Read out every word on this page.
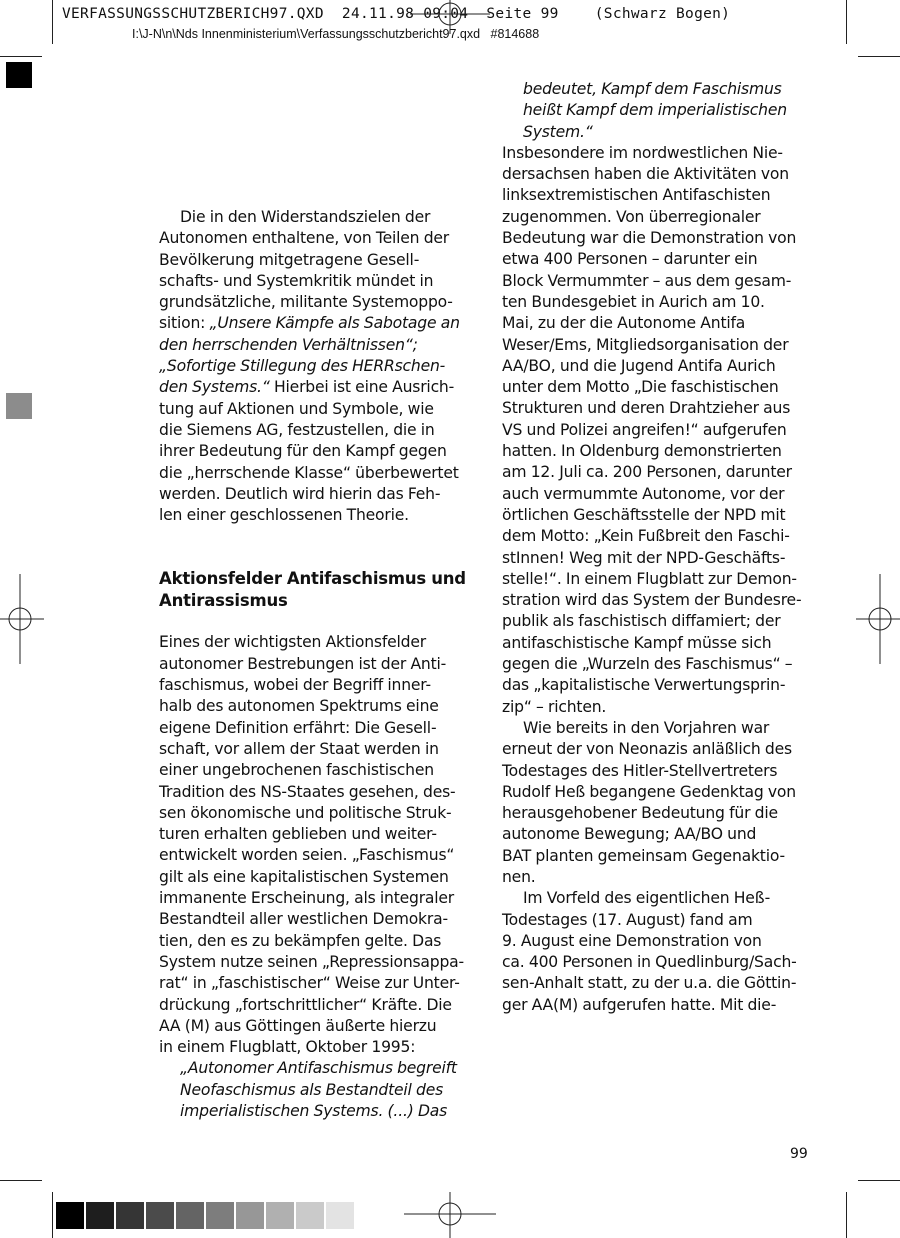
VERFASSUNGSSCHUTZBERICH97.QXD  24.11.98 09:04  Seite 99    (Schwarz Bogen)
I:\J-N\n\Nds Innenministerium\Verfassungsschutzbericht97.qxd   #814688

Die in den Widerstandszielen der
Autonomen enthaltene, von Teilen der
Bevölkerung mitgetragene Gesell-
schafts- und Systemkritik mündet in
grundsätzliche, militante Systemoppo-
sition: „Unsere Kämpfe als Sabotage an
den herrschenden Verhältnissen“;
„Sofortige Stillegung des HERRschen-
den Systems.“ Hierbei ist eine Ausrich-
tung auf Aktionen und Symbole, wie
die Siemens AG, festzustellen, die in
ihrer Bedeutung für den Kampf gegen
die „herrschende Klasse“ überbewertet
werden. Deutlich wird hierin das Feh-
len einer geschlossenen Theorie.

Aktionsfelder Antifaschismus und
Antirassismus

Eines der wichtigsten Aktionsfelder
autonomer Bestrebungen ist der Anti-
faschismus, wobei der Begriff inner-
halb des autonomen Spektrums eine
eigene Definition erfährt: Die Gesell-
schaft, vor allem der Staat werden in
einer ungebrochenen faschistischen
Tradition des NS-Staates gesehen, des-
sen ökonomische und politische Struk-
turen erhalten geblieben und weiter-
entwickelt worden seien. „Faschismus“
gilt als eine kapitalistischen Systemen
immanente Erscheinung, als integraler
Bestandteil aller westlichen Demokra-
tien, den es zu bekämpfen gelte. Das
System nutze seinen „Repressionsappa-
rat“ in „faschistischer“ Weise zur Unter-
drückung „fortschrittlicher“ Kräfte. Die
AA (M) aus Göttingen äußerte hierzu
in einem Flugblatt, Oktober 1995:

„Autonomer Antifaschismus begreift
Neofaschismus als Bestandteil des
imperialistischen Systems. (...) Das

bedeutet, Kampf dem Faschismus
heißt Kampf dem imperialistischen
System.“

Insbesondere im nordwestlichen Nie-
dersachsen haben die Aktivitäten von
linksextremistischen Antifaschisten
zugenommen. Von überregionaler
Bedeutung war die Demonstration von
etwa 400 Personen – darunter ein
Block Vermummter – aus dem gesam-
ten Bundesgebiet in Aurich am 10.
Mai, zu der die Autonome Antifa
Weser/Ems, Mitgliedsorganisation der
AA/BO, und die Jugend Antifa Aurich
unter dem Motto „Die faschistischen
Strukturen und deren Drahtzieher aus
VS und Polizei angreifen!“ aufgerufen
hatten. In Oldenburg demonstrierten
am 12. Juli ca. 200 Personen, darunter
auch vermummte Autonome, vor der
örtlichen Geschäftsstelle der NPD mit
dem Motto: „Kein Fußbreit den Faschi-
stInnen! Weg mit der NPD-Geschäfts-
stelle!“. In einem Flugblatt zur Demon-
stration wird das System der Bundesre-
publik als faschistisch diffamiert; der
antifaschistische Kampf müsse sich
gegen die „Wurzeln des Faschismus“ –
das „kapitalistische Verwertungsprin-
zip“ – richten.

Wie bereits in den Vorjahren war
erneut der von Neonazis anläßlich des
Todestages des Hitler-Stellvertreters
Rudolf Heß begangene Gedenktag von
herausgehobener Bedeutung für die
autonome Bewegung; AA/BO und
BAT planten gemeinsam Gegenaktio-
nen.

Im Vorfeld des eigentlichen Heß-
Todestages (17. August) fand am
9. August eine Demonstration von
ca. 400 Personen in Quedlinburg/Sach-
sen-Anhalt statt, zu der u.a. die Göttin-
ger AA(M) aufgerufen hatte. Mit die-

99
